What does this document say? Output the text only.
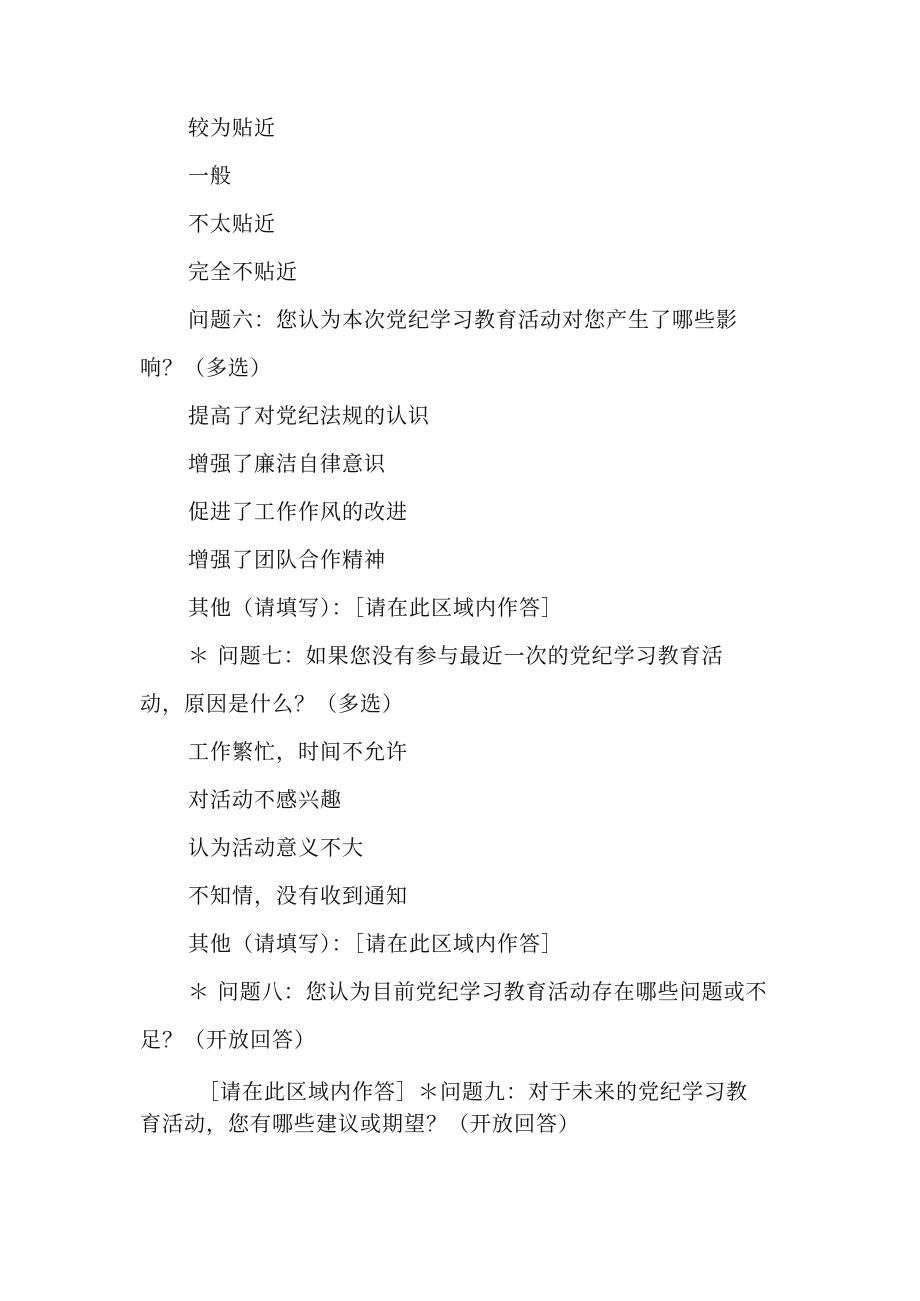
较为贴近
一般
不太贴近
完全不贴近
问题六：您认为本次党纪学习教育活动对您产生了哪些影
响？（多选）
提高了对党纪法规的认识
增强了廉洁自律意识
促进了工作作风的改进
增强了团队合作精神
其他（请填写）：［请在此区域内作答］
＊ 问题七：如果您没有参与最近一次的党纪学习教育活
动，原因是什么？（多选）
工作繁忙，时间不允许
对活动不感兴趣
认为活动意义不大
不知情，没有收到通知
其他（请填写）：［请在此区域内作答］
＊ 问题八：您认为目前党纪学习教育活动存在哪些问题或不
足？（开放回答）
［请在此区域内作答］＊问题九：对于未来的党纪学习教
育活动，您有哪些建议或期望？（开放回答）
